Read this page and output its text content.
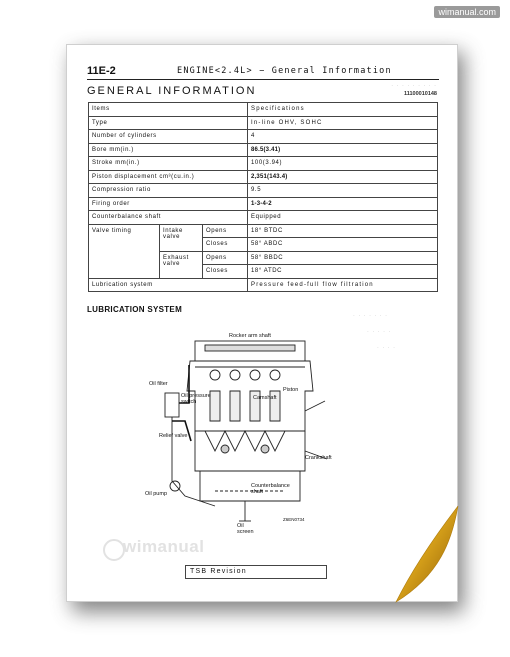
11E-2	ENGINE<2.4L> − General Information
GENERAL INFORMATION	· · · · · · · · ·
11100010148
Items			Specifications
Type			In-line OHV, SOHC
Number of cylinders			4
Bore mm(in.)			86.5(3.41)
Stroke mm(in.)			100(3.94)
Piston displacement cm³(cu.in.)			2,351(143.4)
Compression ratio			9.5
Firing order			1-3-4-2
Counterbalance shaft			Equipped
Valve timing	Intake valve	Opens	18° BTDC
		Closes	58° ABDC
	Exhaust valve	Opens	58° BBDC
		Closes	18° ATDC
Lubrication system			Pressure feed-full flow filtration
LUBRICATION SYSTEM
· · · · · · ·
· · · · ·
· · · ·
Rocker arm shaft
Oil filter
Oil pressure switch
Camshaft
Piston
Relief valve
Crankshaft
Oil pump
Counterbalance shaft
Oil screen
Z6EN0734
wimanual
TSB Revision
wimanual.com
